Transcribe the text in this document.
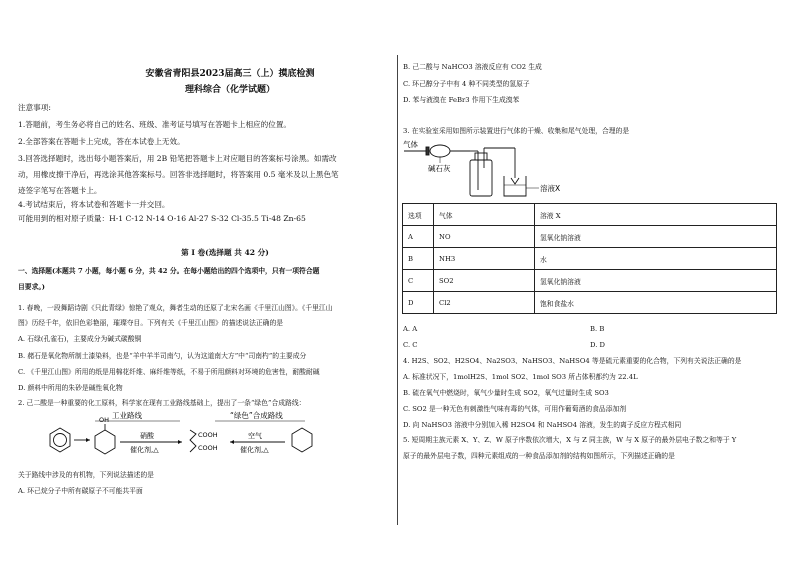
安徽省青阳县2023届高三（上）摸底检测
理科综合（化学试题）
注意事项:
1.答题前，考生务必将自己的姓名、班级、准考证号填写在答题卡上相应的位置。
2.全部答案在答题卡上完成，答在本试卷上无效。
3.回答选择题时，选出每小题答案后，用 2B 铅笔把答题卡上对应题目的答案标号涂黑。如需改
动，用橡皮擦干净后，再选涂其他答案标号。回答非选择题时，将答案用 0.5 毫米及以上黑色笔
迹签字笔写在答题卡上。
4.考试结束后，将本试卷和答题卡一并交回。
可能用到的相对原子质量：H-1 C-12 N-14 O-16 Al-27 S-32 Cl-35.5 Ti-48 Zn-65
第 I 卷(选择题 共 42 分)
一、选择题(本题共 7 小题，每小题 6 分，共 42 分。在每小题给出的四个选项中，只有一项符合题
目要求。)
1. 春晚，一段舞蹈诗剧《只此青绿》惊艳了观众，舞者生动的还原了北宋名画《千里江山图》。《千里江山
图》历经千年，依旧色彩艳丽，璀璨夺目。下列有关《千里江山图》的描述说法正确的是
A. 石绿(孔雀石)，主要成分为碱式碳酸铜
B. 赭石是氧化物所制土漆染料，也是“羊中羊半司南勺，认为这道南大方”中“司南杓”的主要成分
C. 《千里江山图》所用的纸是用棉花纤维、麻纤维等纸，不易于所用颜料对环境的危害性，耐酸耐碱
D. 颜料中所用的朱砂是碱性氧化物
2. 己二酸是一种重要的化工原料，科学家在现有工业路线基础上，提出了一条“绿色”合成路线：
OH
硝酸
催化剂,△
COOH
COOH
空气
催化剂,△
工业路线	“绿色”合成路线
关于路线中涉及的有机物，下列说法描述的是
A. 环己烷分子中所有碳原子不可能共平面
B. 己二酸与 NaHCO3 溶液反应有 CO2 生成
C. 环己醇分子中有 4 种不同类型的氢原子
D. 苯与液溴在 FeBr3 作用下生成溴苯
3. 在实验室采用如图所示装置进行气体的干燥、收集和尾气处理，合理的是
气体
碱石灰
溶液X
选项	气体	溶液 X
A	NO	氢氧化钠溶液
B	NH3	水
C	SO2	氢氧化钠溶液
D	Cl2	饱和食盐水
A. A	B. B
C. C	D. D
4. H2S、SO2、H2SO4、Na2SO3、NaHSO3、NaHSO4 等是硫元素重要的化合物，下列有关说法正确的是
A. 标准状况下，1molH2S、1mol SO2、1mol SO3 所占体积都约为 22.4L
B. 硫在氧气中燃烧时，氧气少量时生成 SO2，氧气过量时生成 SO3
C. SO2 是一种无色有刺激性气味有毒的气体，可用作葡萄酒的食品添加剂
D. 向 NaHSO3 溶液中分别加入稀 H2SO4 和 NaHSO4 溶液，发生的离子反应方程式相同
5. 短周期主族元素 X、Y、Z、W 原子序数依次增大，X 与 Z 同主族，W 与 X 原子的最外层电子数之和等于 Y
原子的最外层电子数，四种元素组成的一种食品添加剂的结构如图所示，下列描述正确的是
